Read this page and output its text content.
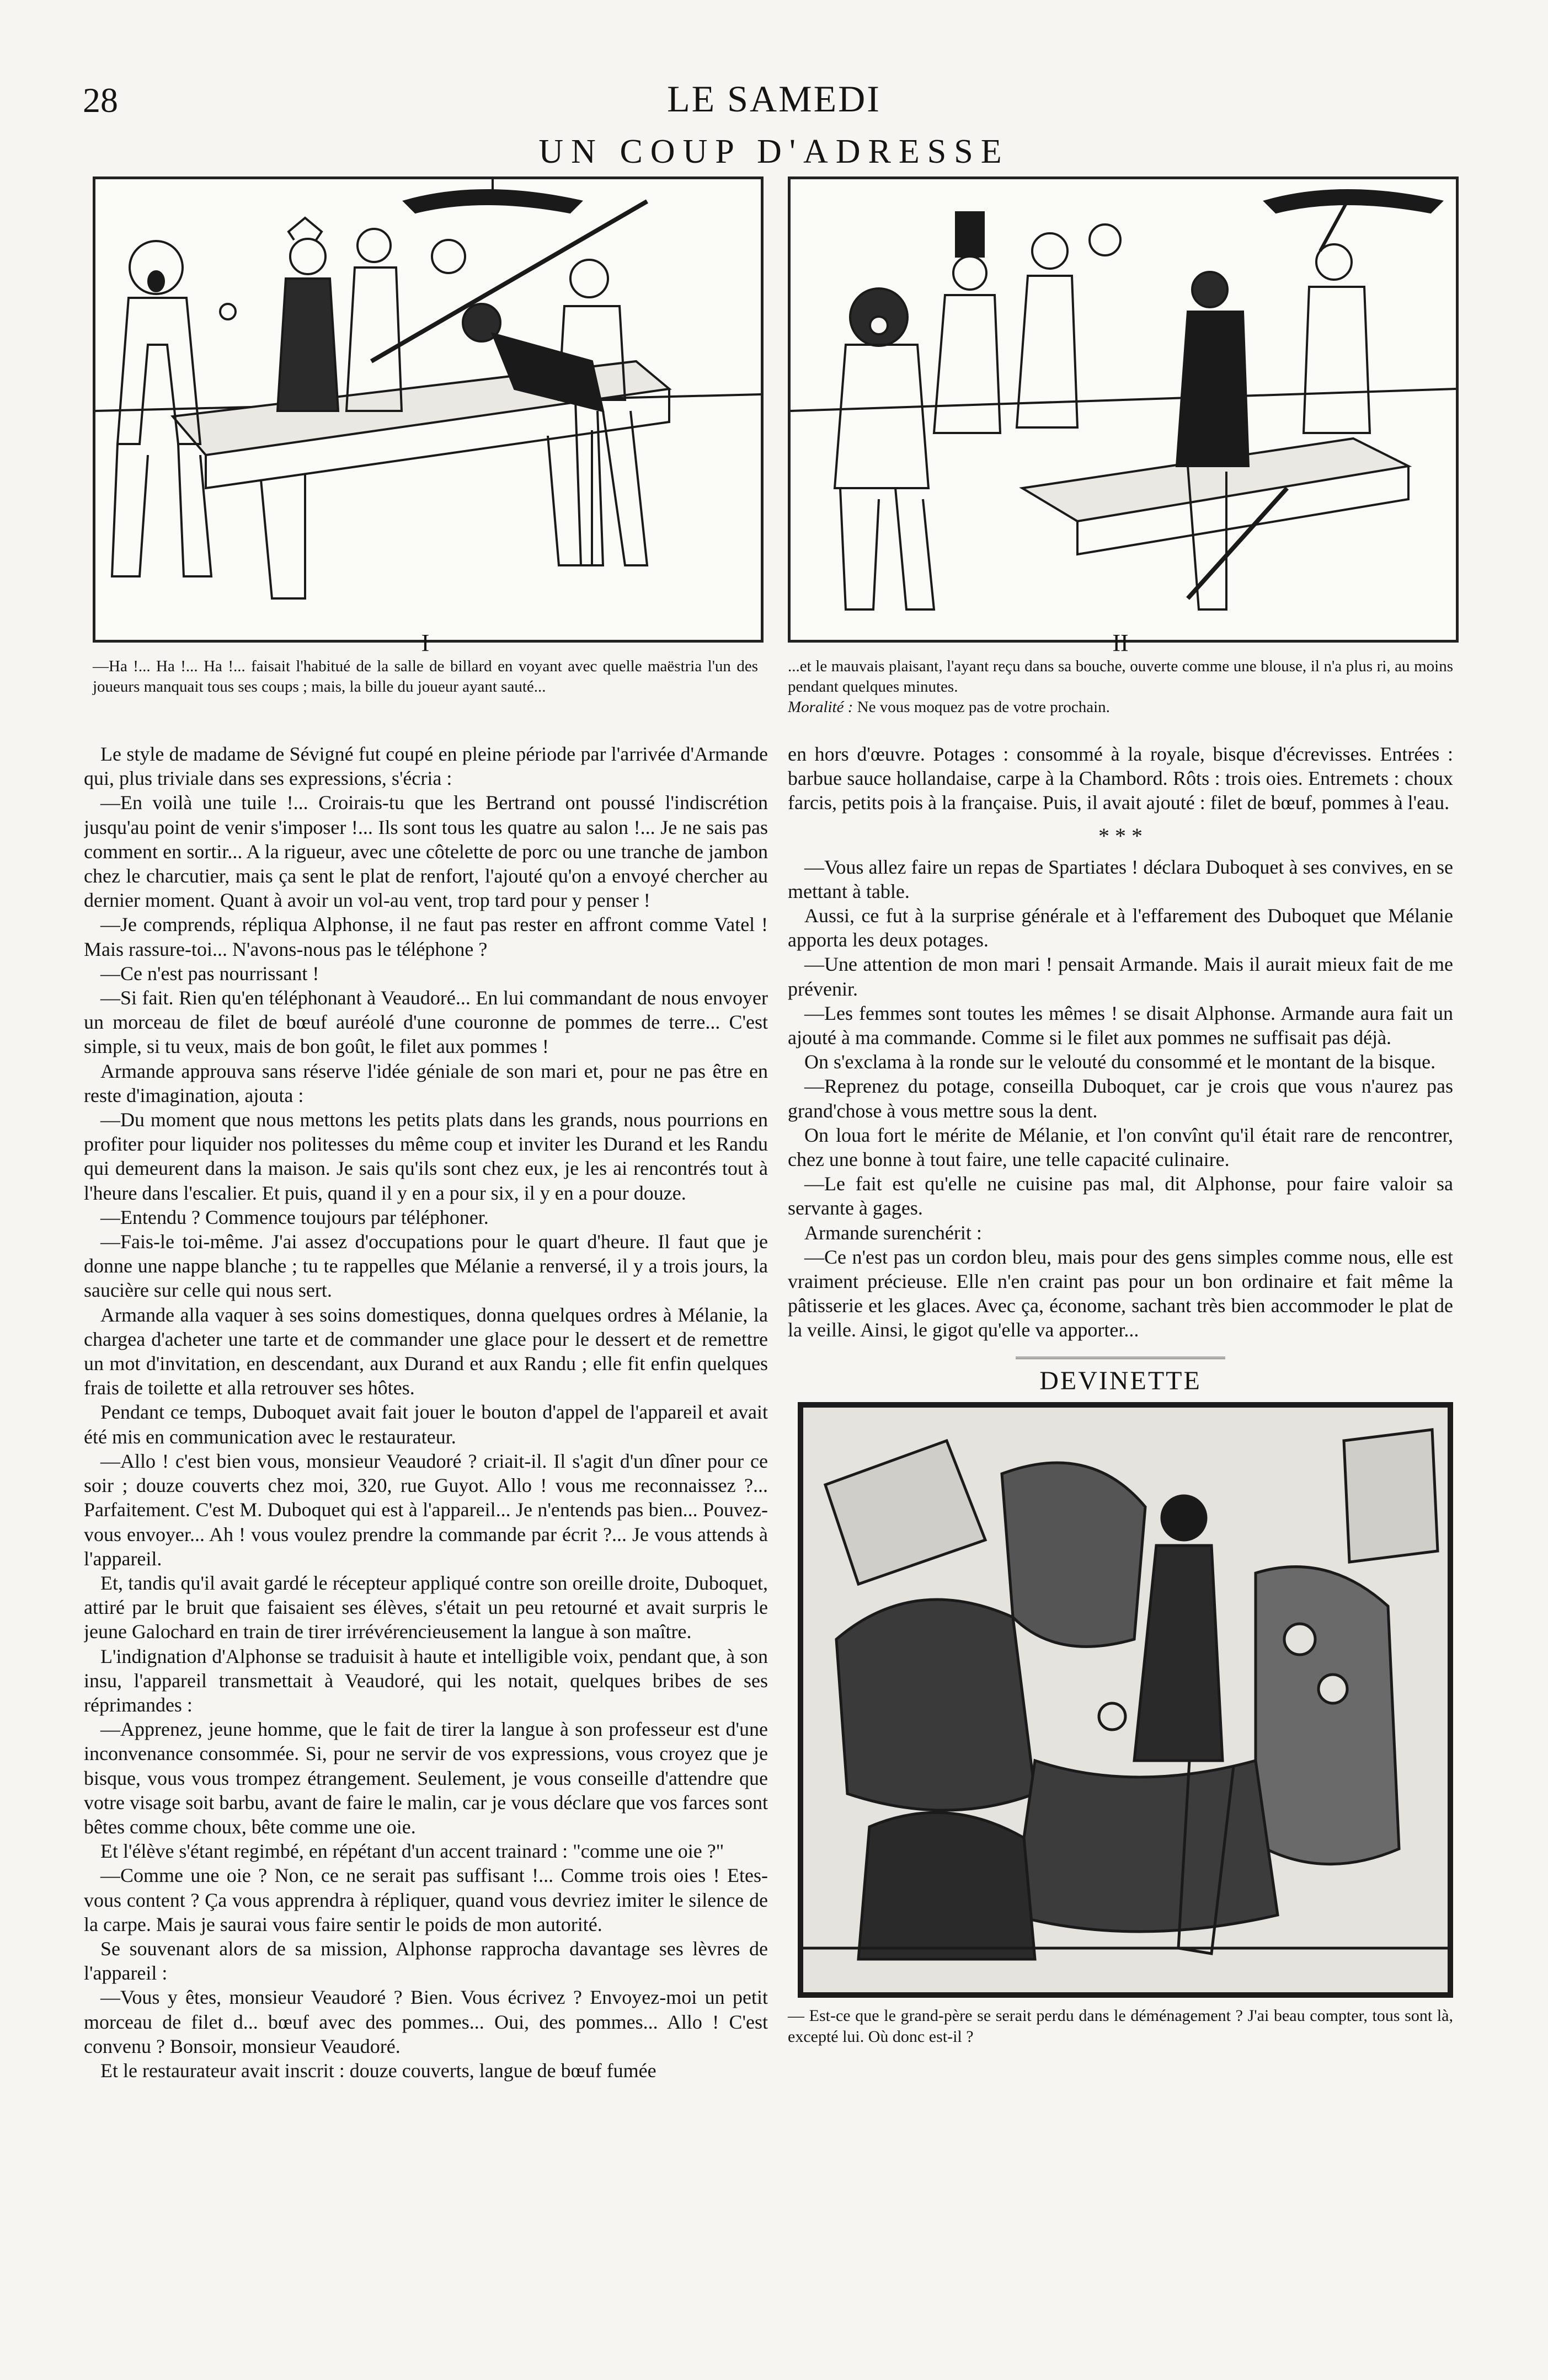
28	LE SAMEDI
UN COUP D'ADRESSE
I
—Ha !... Ha !... Ha !... faisait l'habitué de la salle de billard en voyant avec quelle maëstria l'un des joueurs manquait tous ses coups ; mais, la bille du joueur ayant sauté...
II
...et le mauvais plaisant, l'ayant reçu dans sa bouche, ouverte comme une blouse, il n'a plus ri, au moins pendant quelques minutes.
Moralité : Ne vous moquez pas de votre prochain.

Le style de madame de Sévigné fut coupé en pleine période par l'arrivée d'Armande qui, plus triviale dans ses expressions, s'écria :

—En voilà une tuile !... Croirais-tu que les Bertrand ont poussé l'indiscrétion jusqu'au point de venir s'imposer !... Ils sont tous les quatre au salon !... Je ne sais pas comment en sortir... A la rigueur, avec une côtelette de porc ou une tranche de jambon chez le charcutier, mais ça sent le plat de renfort, l'ajouté qu'on a envoyé chercher au dernier moment. Quant à avoir un vol-au vent, trop tard pour y penser !

—Je comprends, répliqua Alphonse, il ne faut pas rester en affront comme Vatel ! Mais rassure-toi... N'avons-nous pas le téléphone ?

—Ce n'est pas nourrissant !

—Si fait. Rien qu'en téléphonant à Veaudoré... En lui commandant de nous envoyer un morceau de filet de bœuf auréolé d'une couronne de pommes de terre... C'est simple, si tu veux, mais de bon goût, le filet aux pommes !

Armande approuva sans réserve l'idée géniale de son mari et, pour ne pas être en reste d'imagination, ajouta :

—Du moment que nous mettons les petits plats dans les grands, nous pourrions en profiter pour liquider nos politesses du même coup et inviter les Durand et les Randu qui demeurent dans la maison. Je sais qu'ils sont chez eux, je les ai rencontrés tout à l'heure dans l'escalier. Et puis, quand il y en a pour six, il y en a pour douze.

—Entendu ? Commence toujours par téléphoner.

—Fais-le toi-même. J'ai assez d'occupations pour le quart d'heure. Il faut que je donne une nappe blanche ; tu te rappelles que Mélanie a renversé, il y a trois jours, la saucière sur celle qui nous sert.

Armande alla vaquer à ses soins domestiques, donna quelques ordres à Mélanie, la chargea d'acheter une tarte et de commander une glace pour le dessert et de remettre un mot d'invitation, en descendant, aux Durand et aux Randu ; elle fit enfin quelques frais de toilette et alla retrouver ses hôtes.

Pendant ce temps, Duboquet avait fait jouer le bouton d'appel de l'appareil et avait été mis en communication avec le restaurateur.

—Allo ! c'est bien vous, monsieur Veaudoré ? criait-il. Il s'agit d'un dîner pour ce soir ; douze couverts chez moi, 320, rue Guyot. Allo ! vous me reconnaissez ?... Parfaitement. C'est M. Duboquet qui est à l'appareil... Je n'entends pas bien... Pouvez-vous envoyer... Ah ! vous voulez prendre la commande par écrit ?... Je vous attends à l'appareil.

Et, tandis qu'il avait gardé le récepteur appliqué contre son oreille droite, Duboquet, attiré par le bruit que faisaient ses élèves, s'était un peu retourné et avait surpris le jeune Galochard en train de tirer irrévérencieusement la langue à son maître.

L'indignation d'Alphonse se traduisit à haute et intelligible voix, pendant que, à son insu, l'appareil transmettait à Veaudoré, qui les notait, quelques bribes de ses réprimandes :

—Apprenez, jeune homme, que le fait de tirer la langue à son professeur est d'une inconvenance consommée. Si, pour ne servir de vos expressions, vous croyez que je bisque, vous vous trompez étrangement. Seulement, je vous conseille d'attendre que votre visage soit barbu, avant de faire le malin, car je vous déclare que vos farces sont bêtes comme choux, bête comme une oie.

Et l'élève s'étant regimbé, en répétant d'un accent trainard : "comme une oie ?"

—Comme une oie ? Non, ce ne serait pas suffisant !... Comme trois oies ! Etes-vous content ? Ça vous apprendra à répliquer, quand vous devriez imiter le silence de la carpe. Mais je saurai vous faire sentir le poids de mon autorité.

Se souvenant alors de sa mission, Alphonse rapprocha davantage ses lèvres de l'appareil :

—Vous y êtes, monsieur Veaudoré ? Bien. Vous écrivez ? Envoyez-moi un petit morceau de filet d... bœuf avec des pommes... Oui, des pommes... Allo ! C'est convenu ? Bonsoir, monsieur Veaudoré.

Et le restaurateur avait inscrit : douze couverts, langue de bœuf fumée

en hors d'œuvre. Potages : consommé à la royale, bisque d'écrevisses. Entrées : barbue sauce hollandaise, carpe à la Chambord. Rôts : trois oies. Entremets : choux farcis, petits pois à la française. Puis, il avait ajouté : filet de bœuf, pommes à l'eau.

* * *

—Vous allez faire un repas de Spartiates ! déclara Duboquet à ses convives, en se mettant à table.

Aussi, ce fut à la surprise générale et à l'effarement des Duboquet que Mélanie apporta les deux potages.

—Une attention de mon mari ! pensait Armande. Mais il aurait mieux fait de me prévenir.

—Les femmes sont toutes les mêmes ! se disait Alphonse. Armande aura fait un ajouté à ma commande. Comme si le filet aux pommes ne suffisait pas déjà.

On s'exclama à la ronde sur le velouté du consommé et le montant de la bisque.

—Reprenez du potage, conseilla Duboquet, car je crois que vous n'aurez pas grand'chose à vous mettre sous la dent.

On loua fort le mérite de Mélanie, et l'on convînt qu'il était rare de rencontrer, chez une bonne à tout faire, une telle capacité culinaire.

—Le fait est qu'elle ne cuisine pas mal, dit Alphonse, pour faire valoir sa servante à gages.

Armande surenchérit :

—Ce n'est pas un cordon bleu, mais pour des gens simples comme nous, elle est vraiment précieuse. Elle n'en craint pas pour un bon ordinaire et fait même la pâtisserie et les glaces. Avec ça, économe, sachant très bien accommoder le plat de la veille. Ainsi, le gigot qu'elle va apporter...

DEVINETTE
— Est-ce que le grand-père se serait perdu dans le déménagement ? J'ai beau compter, tous sont là, excepté lui. Où donc est-il ?
